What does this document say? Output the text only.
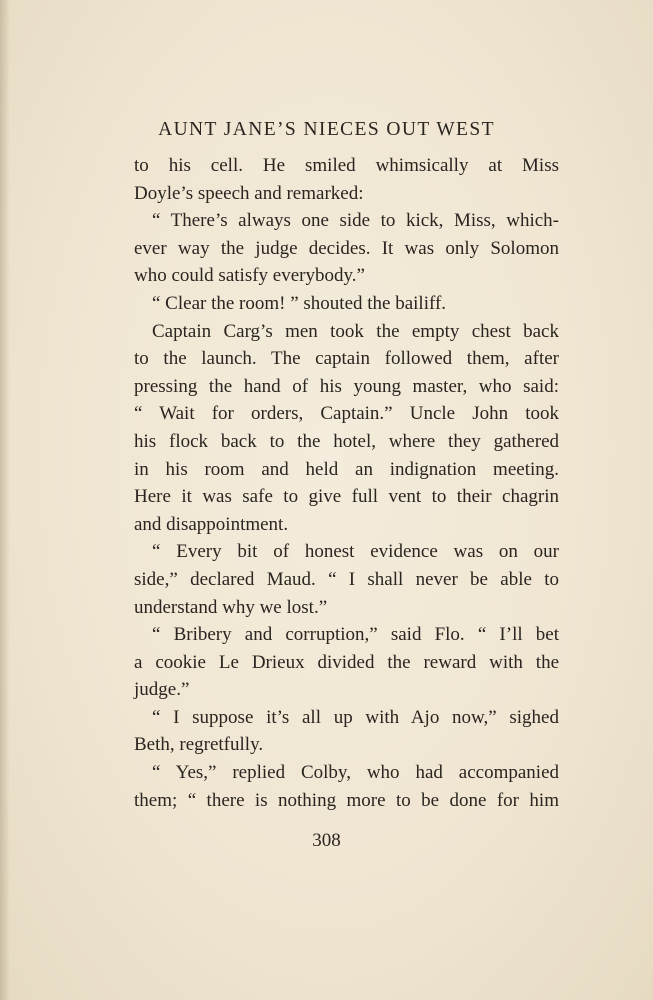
AUNT JANE’S NIECES OUT WEST
to his cell. He smiled whimsically at Miss
Doyle’s speech and remarked:
“ There’s always one side to kick, Miss, which-
ever way the judge decides. It was only Solomon
who could satisfy everybody.”
“ Clear the room! ” shouted the bailiff.
Captain Carg’s men took the empty chest back
to the launch. The captain followed them, after
pressing the hand of his young master, who said:
“ Wait for orders, Captain.” Uncle John took
his flock back to the hotel, where they gathered
in his room and held an indignation meeting.
Here it was safe to give full vent to their chagrin
and disappointment.
“ Every bit of honest evidence was on our
side,” declared Maud. “ I shall never be able to
understand why we lost.”
“ Bribery and corruption,” said Flo. “ I’ll bet
a cookie Le Drieux divided the reward with the
judge.”
“ I suppose it’s all up with Ajo now,” sighed
Beth, regretfully.
“ Yes,” replied Colby, who had accompanied
them; “ there is nothing more to be done for him
308
